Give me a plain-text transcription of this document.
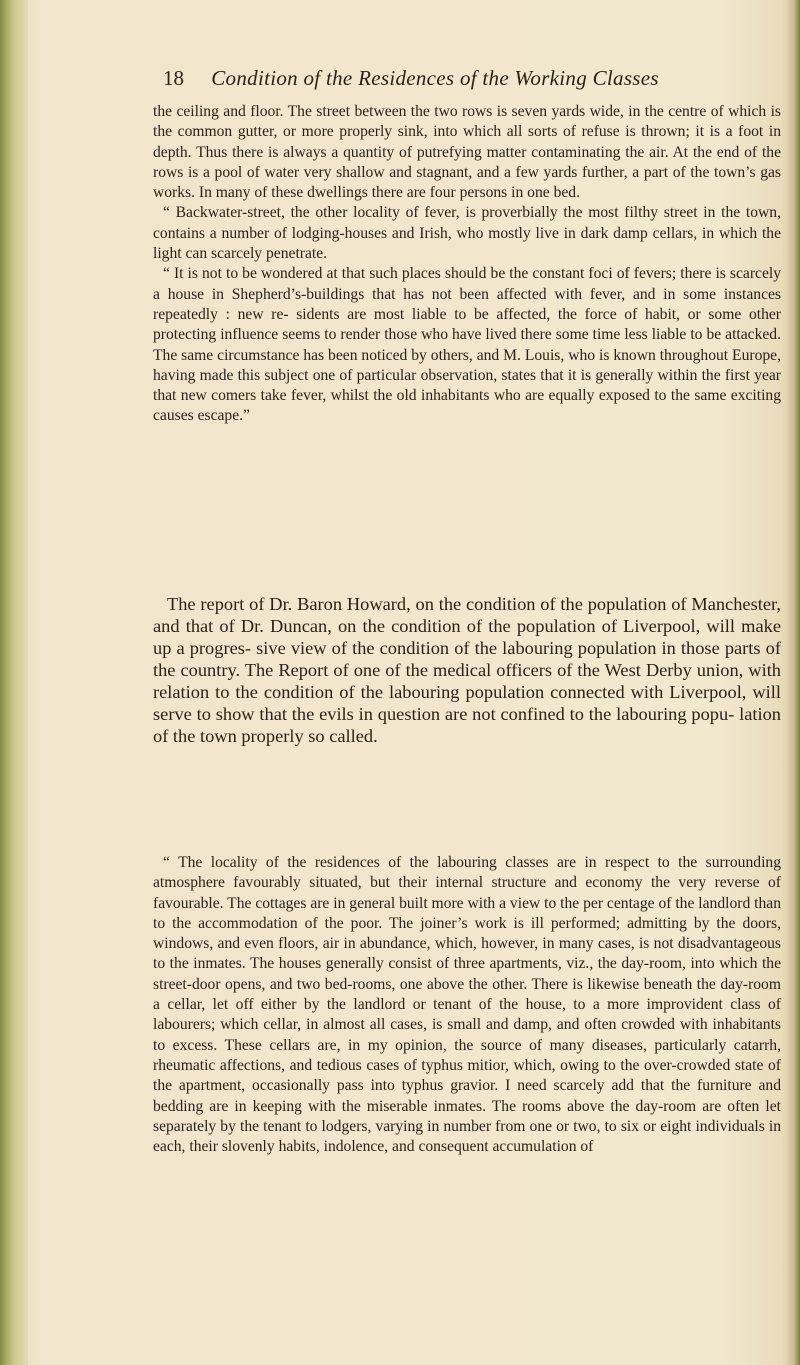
18 Condition of the Residences of the Working Classes

the ceiling and floor. The street between the two rows is seven yards wide, in the centre of which is the common gutter, or more properly sink, into which all sorts of refuse is thrown; it is a foot in depth. Thus there is always a quantity of putrefying matter contaminating the air. At the end of the rows is a pool of water very shallow and stagnant, and a few yards further, a part of the town’s gas works. In many of these dwellings there are four persons in one bed.

“ Backwater-street, the other locality of fever, is proverbially the most filthy street in the town, contains a number of lodging-houses and Irish, who mostly live in dark damp cellars, in which the light can scarcely penetrate.

“ It is not to be wondered at that such places should be the constant foci of fevers; there is scarcely a house in Shepherd’s-buildings that has not been affected with fever, and in some instances repeatedly : new re- sidents are most liable to be affected, the force of habit, or some other protecting influence seems to render those who have lived there some time less liable to be attacked. The same circumstance has been noticed by others, and M. Louis, who is known throughout Europe, having made this subject one of particular observation, states that it is generally within the first year that new comers take fever, whilst the old inhabitants who are equally exposed to the same exciting causes escape.”

The report of Dr. Baron Howard, on the condition of the population of Manchester, and that of Dr. Duncan, on the condition of the population of Liverpool, will make up a progres- sive view of the condition of the labouring population in those parts of the country. The Report of one of the medical officers of the West Derby union, with relation to the condition of the labouring population connected with Liverpool, will serve to show that the evils in question are not confined to the labouring popu- lation of the town properly so called.

“ The locality of the residences of the labouring classes are in respect to the surrounding atmosphere favourably situated, but their internal structure and economy the very reverse of favourable. The cottages are in general built more with a view to the per centage of the landlord than to the accommodation of the poor. The joiner’s work is ill performed; admitting by the doors, windows, and even floors, air in abundance, which, however, in many cases, is not disadvantageous to the inmates. The houses generally consist of three apartments, viz., the day-room, into which the street-door opens, and two bed-rooms, one above the other. There is likewise beneath the day-room a cellar, let off either by the landlord or tenant of the house, to a more improvident class of labourers; which cellar, in almost all cases, is small and damp, and often crowded with inhabitants to excess. These cellars are, in my opinion, the source of many diseases, particularly catarrh, rheumatic affections, and tedious cases of typhus mitior, which, owing to the over-crowded state of the apartment, occasionally pass into typhus gravior. I need scarcely add that the furniture and bedding are in keeping with the miserable inmates. The rooms above the day-room are often let separately by the tenant to lodgers, varying in number from one or two, to six or eight individuals in each, their slovenly habits, indolence, and consequent accumulation of
